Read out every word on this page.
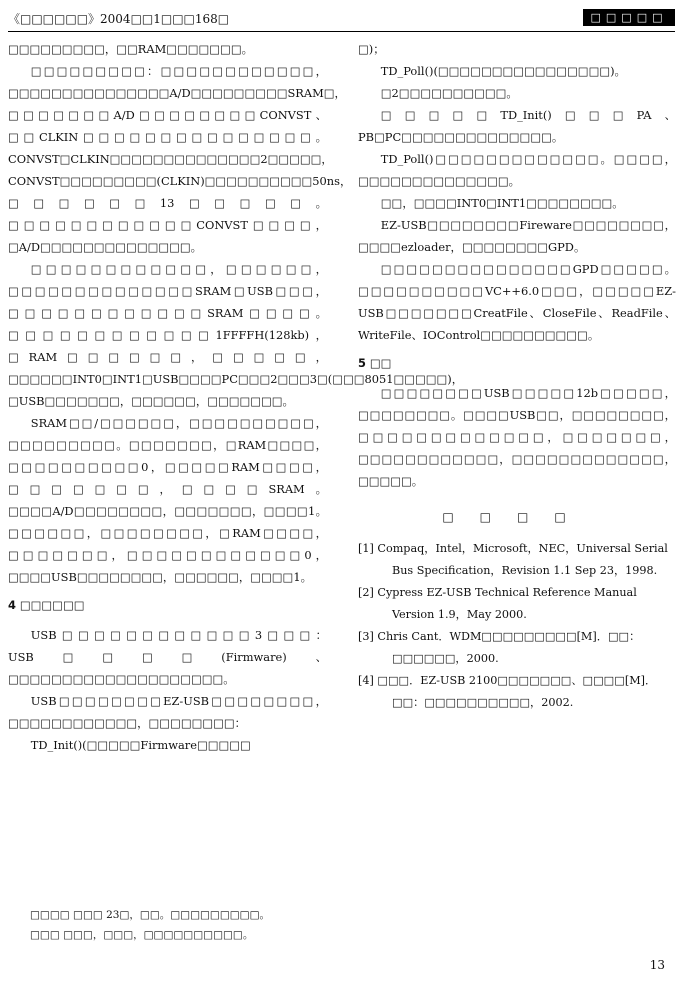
《□□□□□□》2004□□1□□□168□	□□□□□

□□□□□□□□□，□□RAM□□□□□□□。

□□□□□□□□□：□□□□□□□□□□□□，□□□□□□□□□□□□□□□A/D□□□□□□□□□SRAM□，□□□□□□□A/D□□□□□□□□CONVST、□□CLKIN□□□□□□□□□□□□□□□。CONVST□CLKIN□□□□□□□□□□□□□□2□□□□□，CONVST□□□□□□□□□(CLKIN)□□□□□□□□□□50ns，□□□□□□13□□□□□。□□□□□□□□□□□□CONVST□□□□，□A/D□□□□□□□□□□□□□□。

□□□□□□□□□□□□，□□□□□□，□□□□□□□□□□□□□□SRAM□USB□□□，□□□□□□□□□□□□SRAM□□□□。□□□□□□□□□□□□1FFFFH(128kb)，□RAM□□□□□□，□□□□□，□□□□□□INT0□INT1□USB□□□□PC□□□2□□□3□(□□□8051□□□□□)，□USB□□□□□□□，□□□□□□，□□□□□□□。

SRAM□□/□□□□□□，□□□□□□□□□□，□□□□□□□□□。□□□□□□□，□RAM□□□□，□□□□□□□□□□0，□□□□□RAM□□□□，□□□□□□□，□□□□SRAM。□□□□A/D□□□□□□□□，□□□□□□□，□□□□1。□□□□□□，□□□□□□□□，□RAM□□□□，□□□□□□□，□□□□□□□□□□□□0，□□□□USB□□□□□□□□，□□□□□□，□□□□1。

4 □□□□□□

USB□□□□□□□□□□□□3□□□：USB□□□□(Firmware)、□□□□□□□□□□□□□□□□□□□□。

USB□□□□□□□□EZ-USB□□□□□□□□，□□□□□□□□□□□□，□□□□□□□□：

TD_Init()(□□□□□Firmware□□□□□

□)；

TD_Poll()(□□□□□□□□□□□□□□□□)。

□2□□□□□□□□□□。

□□□□□TD_Init()□□□PA、PB□PC□□□□□□□□□□□□□□。

TD_Poll()□□□□□□□□□□□□□。□□□□，□□□□□□□□□□□□□□。

□□，□□□□INT0□INT1□□□□□□□□。

EZ-USB□□□□□□□□Fireware□□□□□□□□，□□□□ezloader，□□□□□□□□GPD。

□□□□□□□□□□□□□□□GPD□□□□□。□□□□□□□□□□VC++6.0□□□，□□□□□EZ-USB□□□□□□□CreatFile、CloseFile、ReadFile、WriteFile、IOControl□□□□□□□□□□。

5 □□

□□□□□□□□USB□□□□□12b□□□□□，□□□□□□□□。□□□□USB□□，□□□□□□□□，□□□□□□□□□□□□□，□□□□□□□，□□□□□□□□□□□□，□□□□□□□□□□□□□，□□□□□。

□□□□

[1] Compaq，Intel，Microsoft，NEC，Universal Serial Bus Specification，Revision 1.1 Sep 23，1998.

[2] Cypress EZ-USB Technical Reference Manual Version 1.9，May 2000.

[3] Chris Cant．WDM□□□□□□□□□[M]．□□：□□□□□□，2000.

[4] □□□．EZ-USB 2100□□□□□□□、□□□□[M]．□□：□□□□□□□□□□，2002.

□□□□ □□□ 23□，□□。□□□□□□□□□。
□□□ □□□，□□□，□□□□□□□□□□。
13
